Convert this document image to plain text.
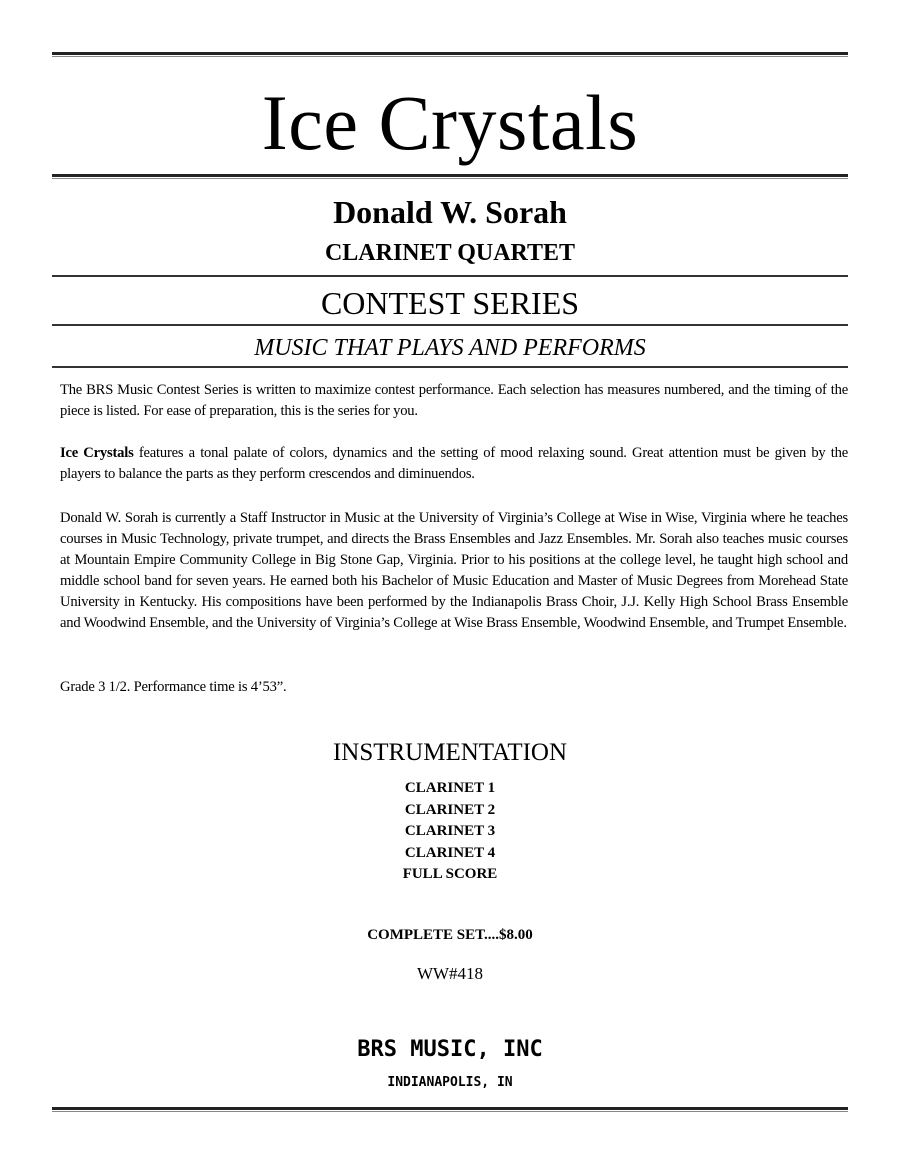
Ice Crystals
Donald W. Sorah
CLARINET QUARTET
CONTEST SERIES
MUSIC THAT PLAYS AND PERFORMS

The BRS Music Contest Series is written to maximize contest performance. Each selection has measures numbered, and the timing of the piece is listed. For ease of preparation, this is the series for you.

Ice Crystals features a tonal palate of colors, dynamics and the setting of mood relaxing sound. Great attention must be given by the players to balance the parts as they perform crescendos and diminuendos.

Donald W. Sorah is currently a Staff Instructor in Music at the University of Virginia’s College at Wise in Wise, Virginia where he teaches courses in Music Technology, private trumpet, and directs the Brass Ensembles and Jazz Ensembles. Mr. Sorah also teaches music courses at Mountain Empire Community College in Big Stone Gap, Virginia. Prior to his positions at the college level, he taught high school and middle school band for seven years. He earned both his Bachelor of Music Education and Master of Music Degrees from Morehead State University in Kentucky. His compositions have been performed by the Indianapolis Brass Choir, J.J. Kelly High School Brass Ensemble and Woodwind Ensemble, and the University of Virginia’s College at Wise Brass Ensemble, Woodwind Ensemble, and Trumpet Ensemble.

Grade 3 1/2. Performance time is 4’53”.

INSTRUMENTATION
CLARINET 1
CLARINET 2
CLARINET 3
CLARINET 4
FULL SCORE
COMPLETE SET....$8.00
WW#418
BRS MUSIC, INC
INDIANAPOLIS, IN
